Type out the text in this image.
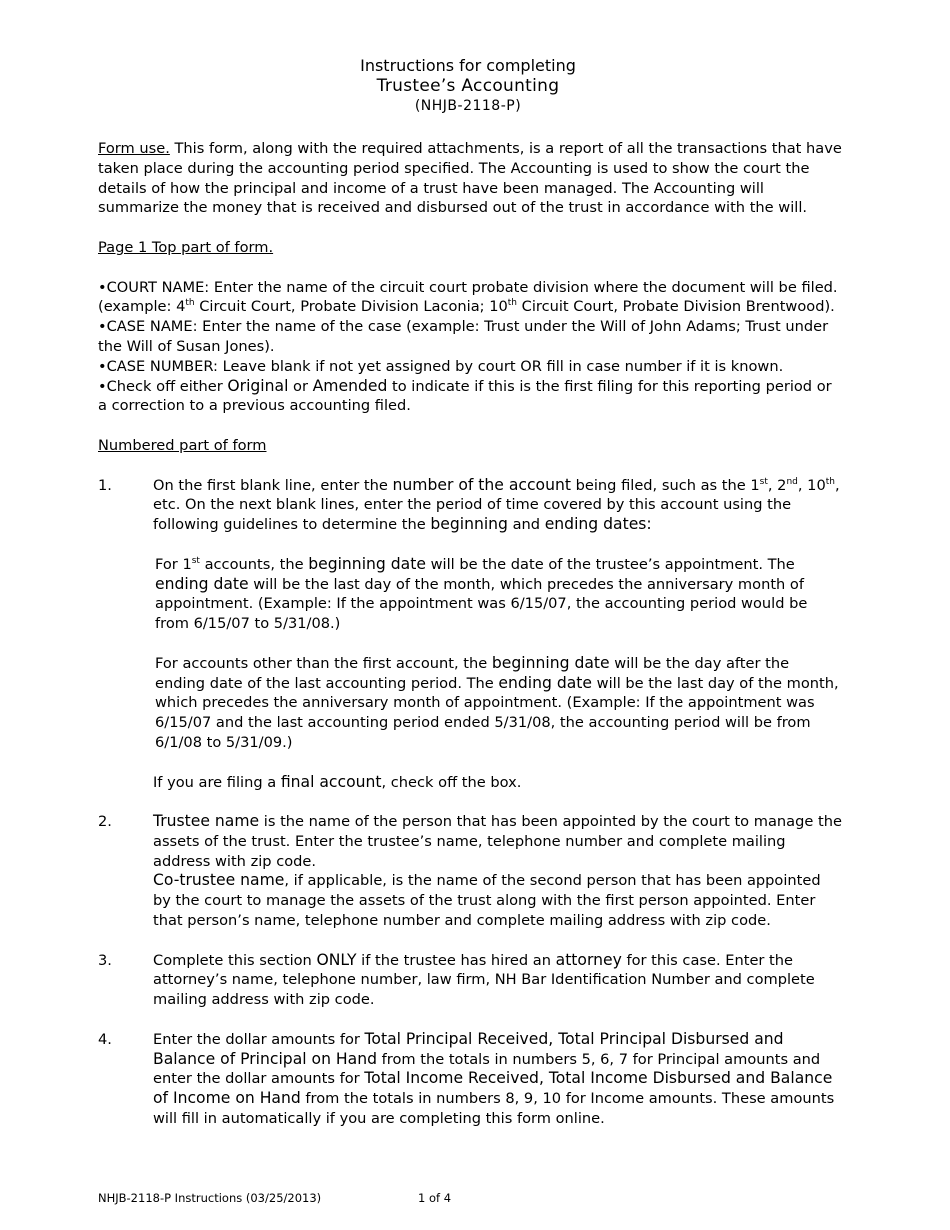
Instructions for completing
Trustee’s Accounting
(NHJB-2118-P)

Form use. This form, along with the required attachments, is a report of all the transactions that have taken place during the accounting period specified. The Accounting is used to show the court the details of how the principal and income of a trust have been managed. The Accounting will summarize the money that is received and disbursed out of the trust in accordance with the will.

Page 1 Top part of form.

•COURT NAME: Enter the name of the circuit court probate division where the document will be filed. (example: 4th Circuit Court, Probate Division Laconia; 10th Circuit Court, Probate Division Brentwood).

•CASE NAME: Enter the name of the case (example: Trust under the Will of John Adams; Trust under the Will of Susan Jones).

•CASE NUMBER: Leave blank if not yet assigned by court OR fill in case number if it is known.

•Check off either Original or Amended to indicate if this is the first filing for this reporting period or a correction to a previous accounting filed.

Numbered part of form

1.	On the first blank line, enter the number of the account being filed, such as the 1st, 2nd, 10th, etc. On the next blank lines, enter the period of time covered by this account using the following guidelines to determine the beginning and ending dates:

For 1st accounts, the beginning date will be the date of the trustee’s appointment. The ending date will be the last day of the month, which precedes the anniversary month of appointment. (Example: If the appointment was 6/15/07, the accounting period would be from 6/15/07 to 5/31/08.)

For accounts other than the first account, the beginning date will be the day after the ending date of the last accounting period. The ending date will be the last day of the month, which precedes the anniversary month of appointment. (Example: If the appointment was 6/15/07 and the last accounting period ended 5/31/08, the accounting period will be from 6/1/08 to 5/31/09.)

If you are filing a final account, check off the box.

2.	Trustee name is the name of the person that has been appointed by the court to manage the assets of the trust. Enter the trustee’s name, telephone number and complete mailing address with zip code.

Co-trustee name, if applicable, is the name of the second person that has been appointed by the court to manage the assets of the trust along with the first person appointed. Enter that person’s name, telephone number and complete mailing address with zip code.

3.	Complete this section ONLY if the trustee has hired an attorney for this case. Enter the attorney’s name, telephone number, law firm, NH Bar Identification Number and complete mailing address with zip code.

4.	Enter the dollar amounts for Total Principal Received, Total Principal Disbursed and Balance of Principal on Hand from the totals in numbers 5, 6, 7 for Principal amounts and enter the dollar amounts for Total Income Received, Total Income Disbursed and Balance of Income on Hand from the totals in numbers 8, 9, 10 for Income amounts. These amounts will fill in automatically if you are completing this form online.

NHJB-2118-P Instructions (03/25/2013)	1 of 4
